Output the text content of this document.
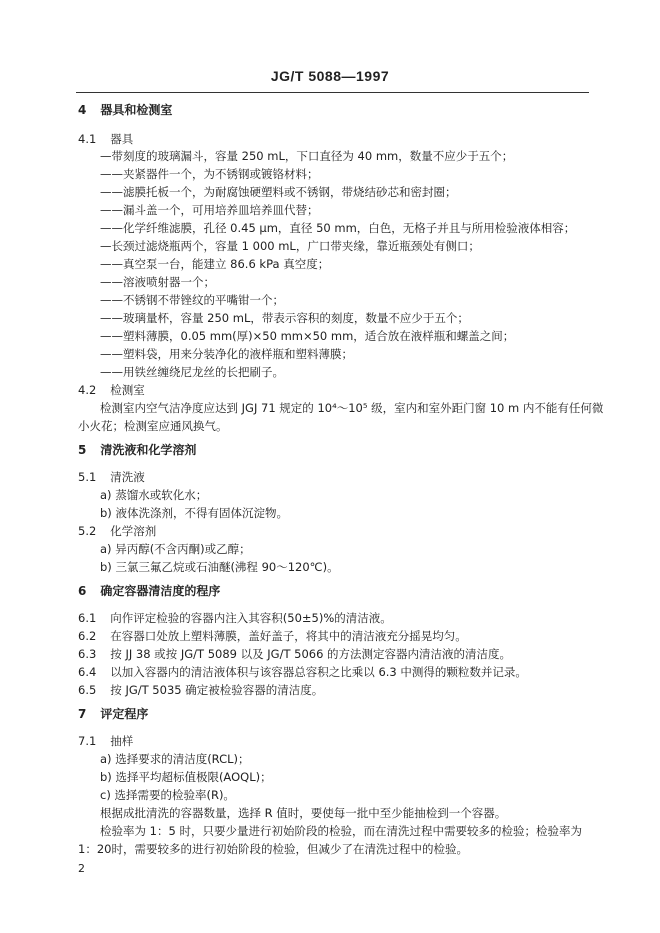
JG/T 5088—1997
4 器具和检测室
4.1 器具
—带刻度的玻璃漏斗，容量 250 mL，下口直径为 40 mm，数量不应少于五个；
——夹紧器件一个，为不锈钢或镀铬材料；
——滤膜托板一个，为耐腐蚀硬塑料或不锈钢，带烧结砂芯和密封圈；
——漏斗盖一个，可用培养皿培养皿代替；
——化学纤维滤膜，孔径 0.45 μm，直径 50 mm，白色，无格子并且与所用检验液体相容；
—长颈过滤烧瓶两个，容量 1 000 mL，广口带夹缘，靠近瓶颈处有侧口；
——真空泵一台，能建立 86.6 kPa 真空度；
——溶液喷射器一个；
——不锈钢不带锉纹的平嘴钳一个；
——玻璃量杯，容量 250 mL，带表示容积的刻度，数量不应少于五个；
——塑料薄膜，0.05 mm(厚)×50 mm×50 mm，适合放在液样瓶和螺盖之间；
——塑料袋，用来分装净化的液样瓶和塑料薄膜；
——用铁丝缠绕尼龙丝的长把刷子。
4.2 检测室
检测室内空气洁净度应达到 JGJ 71 规定的 10⁴～10⁵ 级，室内和室外距门窗 10 m 内不能有任何微
小火花；检测室应通风换气。
5 清洗液和化学溶剂
5.1 清洗液
a) 蒸馏水或软化水；
b) 液体洗涤剂，不得有固体沉淀物。
5.2 化学溶剂
a) 异丙醇(不含丙酮)或乙醇；
b) 三氯三氟乙烷或石油醚(沸程 90～120℃)。
6 确定容器清洁度的程序
6.1 向作评定检验的容器内注入其容积(50±5)%的清洁液。
6.2 在容器口处放上塑料薄膜，盖好盖子，将其中的清洁液充分摇晃均匀。
6.3 按 JJ 38 或按 JG/T 5089 以及 JG/T 5066 的方法测定容器内清洁液的清洁度。
6.4 以加入容器内的清洁液体积与该容器总容积之比乘以 6.3 中测得的颗粒数并记录。
6.5 按 JG/T 5035 确定被检验容器的清洁度。
7 评定程序
7.1 抽样
a) 选择要求的清洁度(RCL)；
b) 选择平均超标值极限(AOQL)；
c) 选择需要的检验率(R)。
根据成批清洗的容器数量，选择 R 值时，要使每一批中至少能抽检到一个容器。
检验率为 1：5 时，只要少量进行初始阶段的检验，而在清洗过程中需要较多的检验；检验率为
1：20时，需要较多的进行初始阶段的检验，但减少了在清洗过程中的检验。
2
